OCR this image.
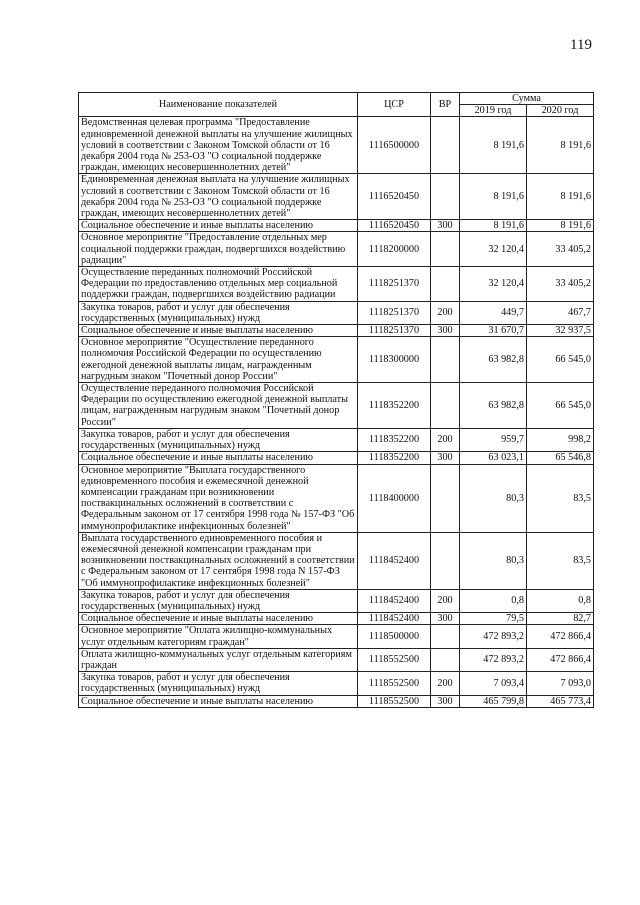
119
Наименование показателей	ЦСР	ВР	Сумма	
			2019 год	2020 год
Ведомственная целевая программа "Предоставление единовременной денежной выплаты на улучшение жилищных условий в соответствии с Законом Томской области от 16 декабря 2004 года № 253-ОЗ "О социальной поддержке граждан, имеющих несовершеннолетних детей"	1116500000		8 191,6	8 191,6
Единовременная денежная выплата на улучшение жилищных условий в соответствии с Законом Томской области от 16 декабря 2004 года № 253-ОЗ "О социальной поддержке граждан, имеющих несовершеннолетних детей"	1116520450		8 191,6	8 191,6
Социальное обеспечение и иные выплаты населению	1116520450	300	8 191,6	8 191,6
Основное мероприятие "Предоставление отдельных мер социальной поддержки граждан, подвергшихся воздействию радиации"	1118200000		32 120,4	33 405,2
Осуществление переданных полномочий Российской Федерации по предоставлению отдельных мер социальной поддержки граждан, подвергшихся воздействию радиации	1118251370		32 120,4	33 405,2
Закупка товаров, работ и услуг для обеспечения государственных (муниципальных) нужд	1118251370	200	449,7	467,7
Социальное обеспечение и иные выплаты населению	1118251370	300	31 670,7	32 937,5
Основное мероприятие "Осуществление переданного полномочия Российской Федерации по осуществлению ежегодной денежной выплаты лицам, награжденным нагрудным знаком "Почетный донор России"	1118300000		63 982,8	66 545,0
Осуществление переданного полномочия Российской Федерации по осуществлению ежегодной денежной выплаты лицам, награжденным нагрудным знаком "Почетный донор России"	1118352200		63 982,8	66 545,0
Закупка товаров, работ и услуг для обеспечения государственных (муниципальных) нужд	1118352200	200	959,7	998,2
Социальное обеспечение и иные выплаты населению	1118352200	300	63 023,1	65 546,8
Основное мероприятие "Выплата государственного единовременного пособия и ежемесячной денежной компенсации гражданам при возникновении поствакцинальных осложнений в соответствии с Федеральным законом от 17 сентября 1998 года № 157-ФЗ "Об иммунопрофилактике инфекционных болезней"	1118400000		80,3	83,5
Выплата государственного единовременного пособия и ежемесячной денежной компенсации гражданам при возникновении поствакцинальных осложнений в соответствии с Федеральным законом от 17 сентября 1998 года N 157-ФЗ "Об иммунопрофилактике инфекционных болезней"	1118452400		80,3	83,5
Закупка товаров, работ и услуг для обеспечения государственных (муниципальных) нужд	1118452400	200	0,8	0,8
Социальное обеспечение и иные выплаты населению	1118452400	300	79,5	82,7
Основное мероприятие "Оплата жилищно-коммунальных услуг отдельным категориям граждан"	1118500000		472 893,2	472 866,4
Оплата жилищно-коммунальных услуг отдельным категориям граждан	1118552500		472 893,2	472 866,4
Закупка товаров, работ и услуг для обеспечения государственных (муниципальных) нужд	1118552500	200	7 093,4	7 093,0
Социальное обеспечение и иные выплаты населению	1118552500	300	465 799,8	465 773,4
